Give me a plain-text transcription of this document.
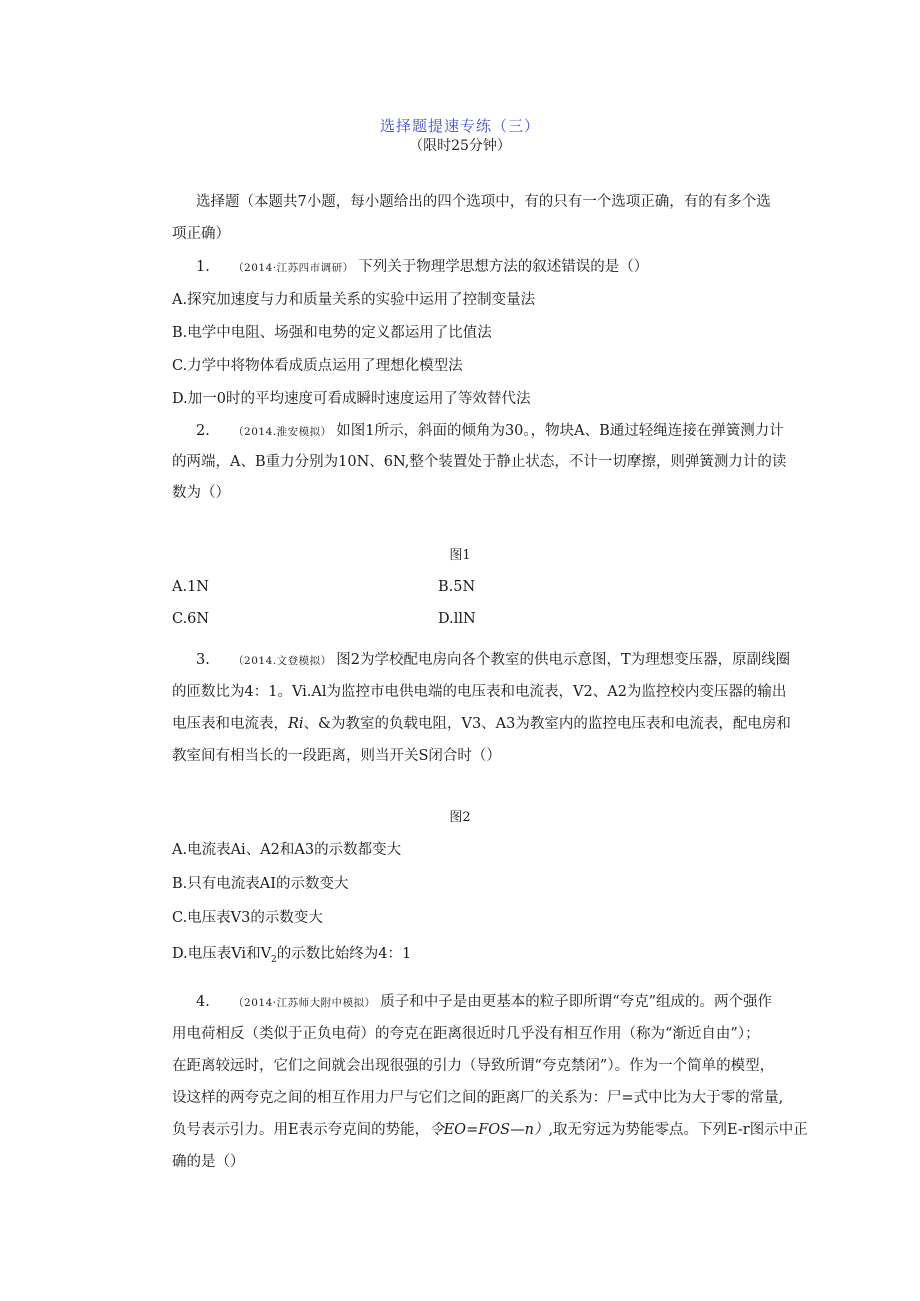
选择题提速专练（三）
（限时25分钟）
选择题（本题共7小题，每小题给出的四个选项中，有的只有一个选项正确，有的有多个选
项正确）
1. （2014·江苏四市调研） 下列关于物理学思想方法的叙述错误的是（）
A.探究加速度与力和质量关系的实验中运用了控制变量法
B.电学中电阻、场强和电势的定义都运用了比值法
C.力学中将物体看成质点运用了理想化模型法
D.加一0时的平均速度可看成瞬时速度运用了等效替代法
2. （2014.淮安模拟） 如图1所示，斜面的倾角为30。，物块A、B通过轻绳连接在弹簧测力计
的两端，A、B重力分别为10N、6N,整个装置处于静止状态，不计一切摩擦，则弹簧测力计的读
数为（）
图1
A.1N	B.5N
C.6N	D.llN
3. （2014.文登模拟） 图2为学校配电房向各个教室的供电示意图，T为理想变压器，原副线圈
的匝数比为4：1。Vi.Al为监控市电供电端的电压表和电流表，V2、A2为监控校内变压器的输出
电压表和电流表，Ri、&为教室的负载电阻，V3、A3为教室内的监控电压表和电流表，配电房和
教室间有相当长的一段距离，则当开关S闭合时（）
图2
A.电流表Ai、A2和A3的示数都变大
B.只有电流表AI的示数变大
C.电压表V3的示数变大
D.电压表Vi和$V_2$的示数比始终为4：1
4. （2014·江苏师大附中模拟） 质子和中子是由更基本的粒子即所谓“夸克”组成的。两个强作
用电荷相反（类似于正负电荷）的夸克在距离很近时几乎没有相互作用（称为“渐近自由”）；
在距离较远时，它们之间就会出现很强的引力（导致所谓“夸克禁闭”）。作为一个简单的模型，
设这样的两夸克之间的相互作用力尸与它们之间的距离厂的关系为：尸=式中比为大于零的常量,
负号表示引力。用E表示夸克间的势能，令EO=FOS—n）,取无穷远为势能零点。下列E-r图示中正
确的是（）
